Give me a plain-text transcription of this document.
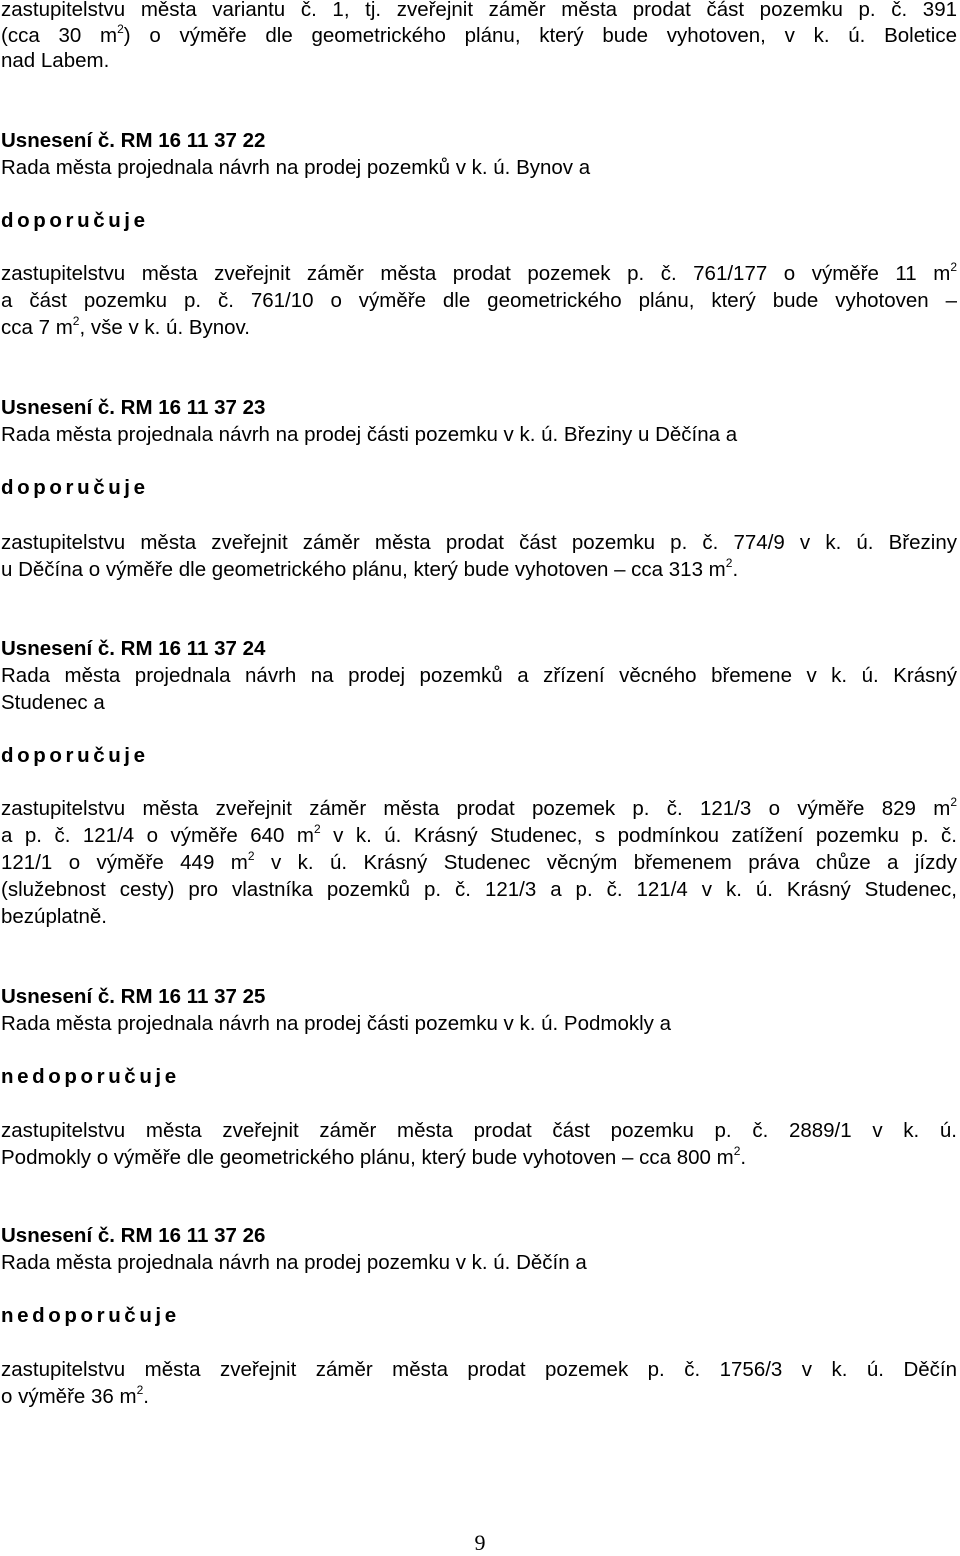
zastupitelstvu města variantu č. 1, tj. zveřejnit záměr města prodat část pozemku p. č. 391
(cca 30 $m^2$) o výměře dle geometrického plánu, který bude vyhotoven, v k. ú. Boletice
nad Labem.
Usnesení č. RM 16 11 37 22
Rada města projednala návrh na prodej pozemků v k. ú. Bynov a
doporučuje
zastupitelstvu města zveřejnit záměr města prodat pozemek p. č. 761/177 o výměře 11 $m^2$
a část pozemku p. č. 761/10 o výměře dle geometrického plánu, který bude vyhotoven –
cca 7 $m^2$, vše v k. ú. Bynov.
Usnesení č. RM 16 11 37 23
Rada města projednala návrh na prodej části pozemku v k. ú. Březiny u Děčína a
doporučuje
zastupitelstvu města zveřejnit záměr města prodat část pozemku p. č. 774/9 v k. ú. Březiny
u Děčína o výměře dle geometrického plánu, který bude vyhotoven – cca 313 $m^2$.
Usnesení č. RM 16 11 37 24
Rada města projednala návrh na prodej pozemků a zřízení věcného břemene v k. ú. Krásný
Studenec a
doporučuje
zastupitelstvu města zveřejnit záměr města prodat pozemek p. č. 121/3 o výměře 829 $m^2$
a p. č. 121/4 o výměře 640 $m^2$ v k. ú. Krásný Studenec, s podmínkou zatížení pozemku p. č.
121/1 o výměře 449 $m^2$ v k. ú. Krásný Studenec věcným břemenem práva chůze a jízdy
(služebnost cesty) pro vlastníka pozemků p. č. 121/3 a p. č. 121/4 v k. ú. Krásný Studenec,
bezúplatně.
Usnesení č. RM 16 11 37 25
Rada města projednala návrh na prodej části pozemku v k. ú. Podmokly a
nedoporučuje
zastupitelstvu města zveřejnit záměr města prodat část pozemku p. č. 2889/1 v k. ú.
Podmokly o výměře dle geometrického plánu, který bude vyhotoven – cca 800 $m^2$.
Usnesení č. RM 16 11 37 26
Rada města projednala návrh na prodej pozemku v k. ú. Děčín a
nedoporučuje
zastupitelstvu města zveřejnit záměr města prodat pozemek p. č. 1756/3 v k. ú. Děčín
o výměře 36 $m^2$.
9
